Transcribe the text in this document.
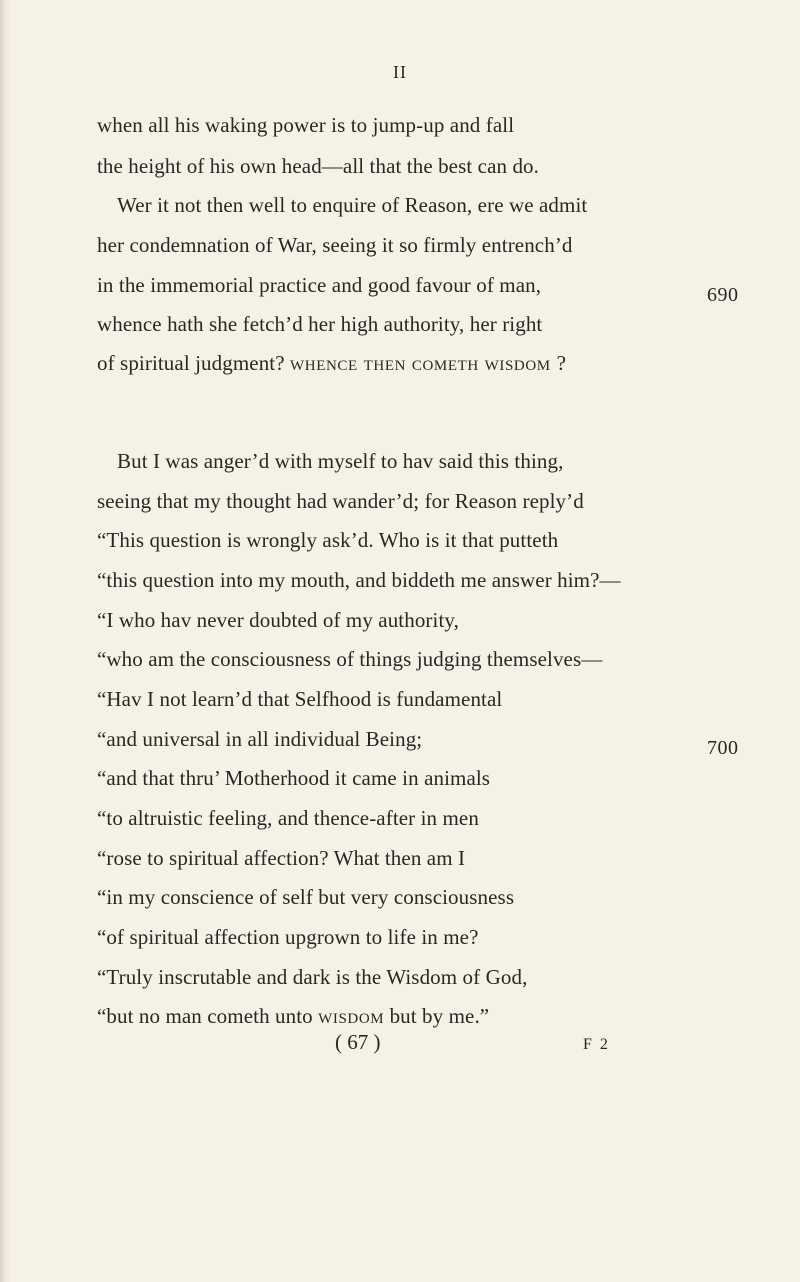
II
when all his waking power is to jump-up and fall
the height of his own head—all that the best can do.
Wer it not then well to enquire of Reason, ere we admit
her condemnation of War, seeing it so firmly entrench’d
in the immemorial practice and good favour of man,
whence hath she fetch’d her high authority, her right
of spiritual judgment? whence then cometh wisdom ?
But I was anger’d with myself to hav said this thing,
seeing that my thought had wander’d; for Reason reply’d
“This question is wrongly ask’d. Who is it that putteth
“this question into my mouth, and biddeth me answer him?—
“I who hav never doubted of my authority,
“who am the consciousness of things judging themselves—
“Hav I not learn’d that Selfhood is fundamental
“and universal in all individual Being;
“and that thru’ Motherhood it came in animals
“to altruistic feeling, and thence-after in men
“rose to spiritual affection? What then am I
“in my conscience of self but very consciousness
“of spiritual affection upgrown to life in me?
“Truly inscrutable and dark is the Wisdom of God,
“but no man cometh unto wisdom but by me.”
690
700
( 67 )	F 2
